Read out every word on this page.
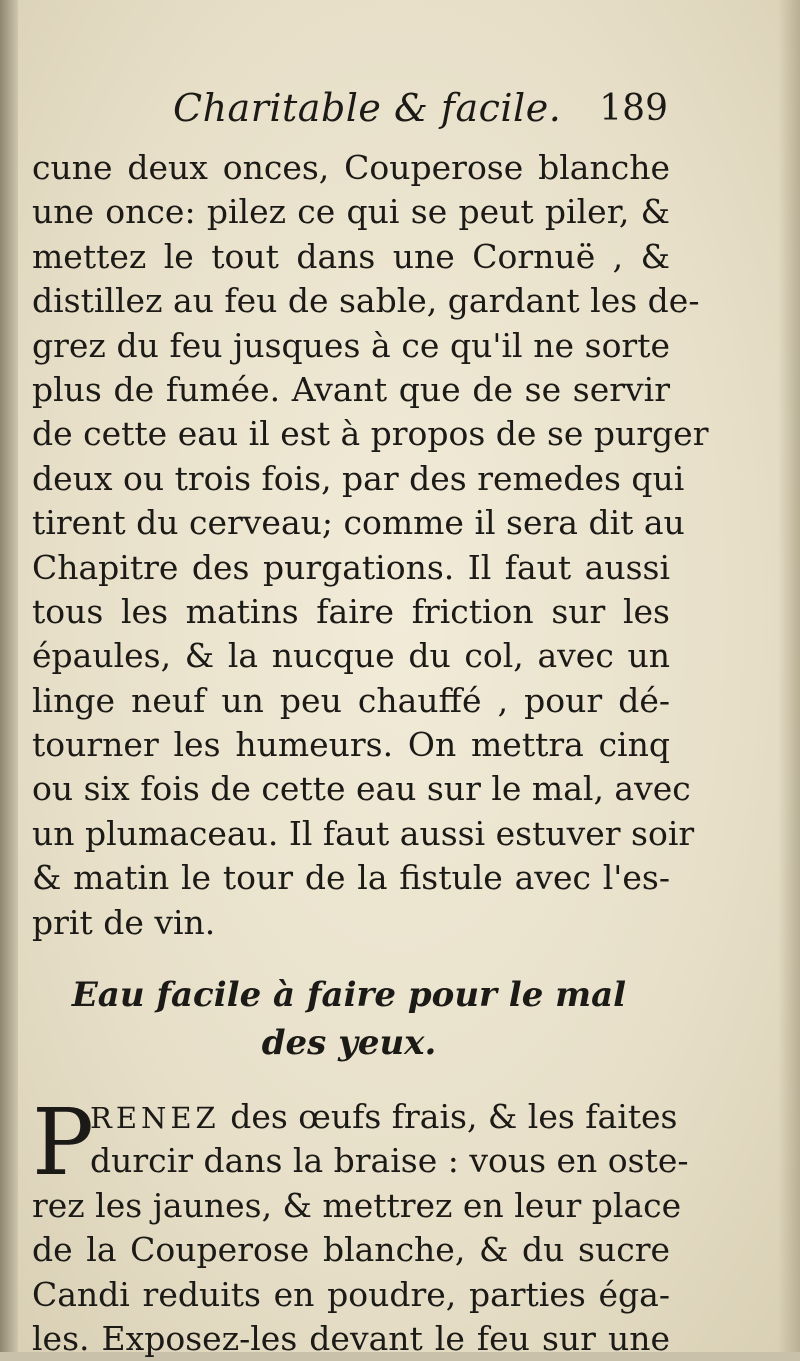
Charitable & facile. 189
cune deux onces, Couperose blanche
une once: pilez ce qui se peut piler, &
mettez le tout dans une Cornuë , &
distillez au feu de sable, gardant les de-
grez du feu jusques à ce qu'il ne sorte
plus de fumée. Avant que de se servir
de cette eau il est à propos de se purger
deux ou trois fois, par des remedes qui
tirent du cerveau; comme il sera dit au
Chapitre des purgations. Il faut aussi
tous les matins faire friction sur les
épaules, & la nucque du col, avec un
linge neuf un peu chauffé , pour dé-
tourner les humeurs. On mettra cinq
ou six fois de cette eau sur le mal, avec
un plumaceau. Il faut aussi estuver soir
& matin le tour de la fistule avec l'es-
prit de vin.
Eau facile à faire pour le mal
des yeux.
P
RENEZ des œufs frais, & les faites
durcir dans la braise : vous en oste-
rez les jaunes, & mettrez en leur place
de la Couperose blanche, & du sucre
Candi reduits en poudre, parties éga-
les. Exposez-les devant le feu sur une
